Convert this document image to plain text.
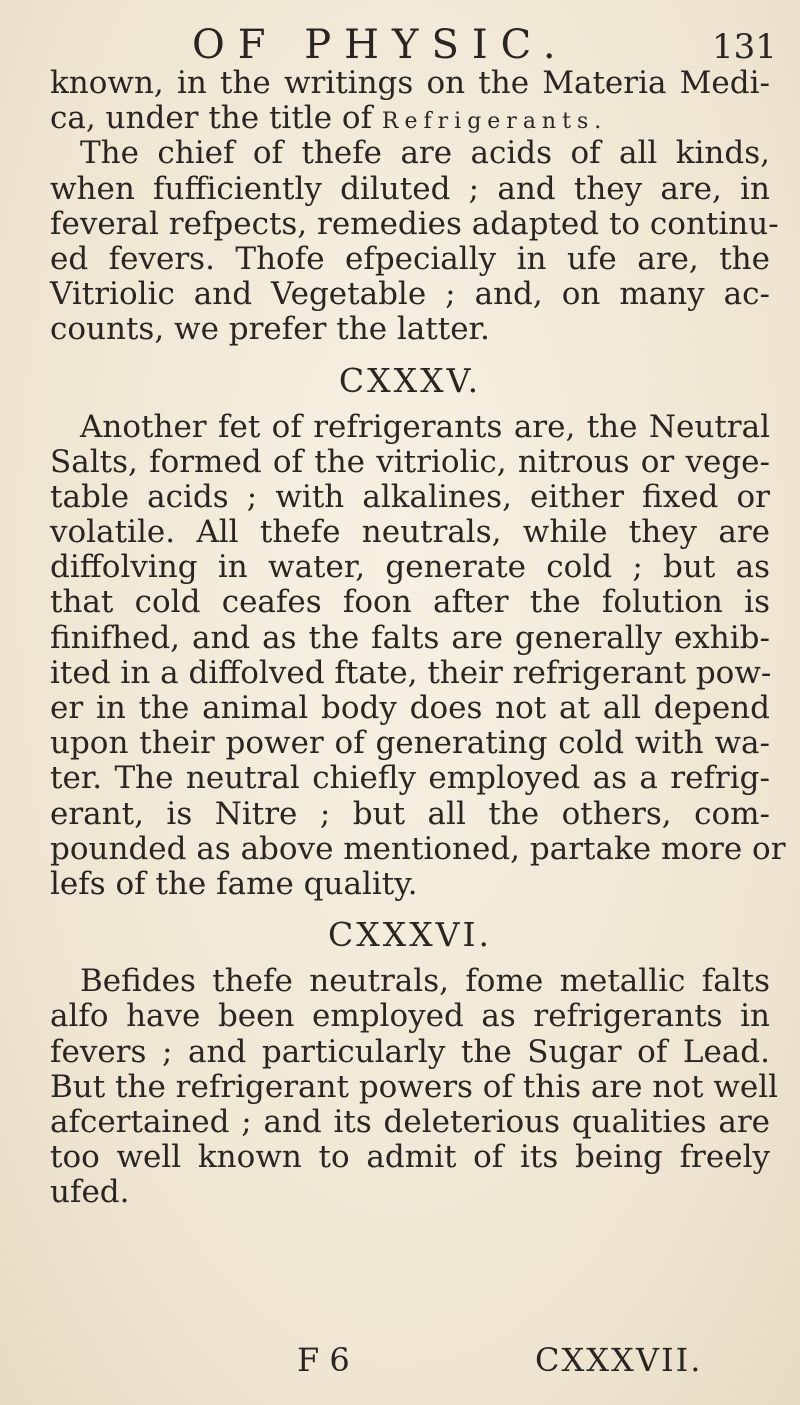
OF PHYSIC.	131
known, in the writings on the Materia Medi-
ca, under the title of Refrigerants.
The chief of thefe are acids of all kinds,
when fufficiently diluted ; and they are, in
feveral refpects, remedies adapted to continu-
ed fevers. Thofe efpecially in ufe are, the
Vitriolic and Vegetable ; and, on many ac-
counts, we prefer the latter.
CXXXV.
Another fet of refrigerants are, the Neutral
Salts, formed of the vitriolic, nitrous or vege-
table acids ; with alkalines, either fixed or
volatile. All thefe neutrals, while they are
diffolving in water, generate cold ; but as
that cold ceafes foon after the folution is
finifhed, and as the falts are generally exhib-
ited in a diffolved ftate, their refrigerant pow-
er in the animal body does not at all depend
upon their power of generating cold with wa-
ter. The neutral chiefly employed as a refrig-
erant, is Nitre ; but all the others, com-
pounded as above mentioned, partake more or
lefs of the fame quality.
CXXXVI.
Befides thefe neutrals, fome metallic falts
alfo have been employed as refrigerants in
fevers ; and particularly the Sugar of Lead.
But the refrigerant powers of this are not well
afcertained ; and its deleterious qualities are
too well known to admit of its being freely
ufed.
F 6	CXXXVII.
